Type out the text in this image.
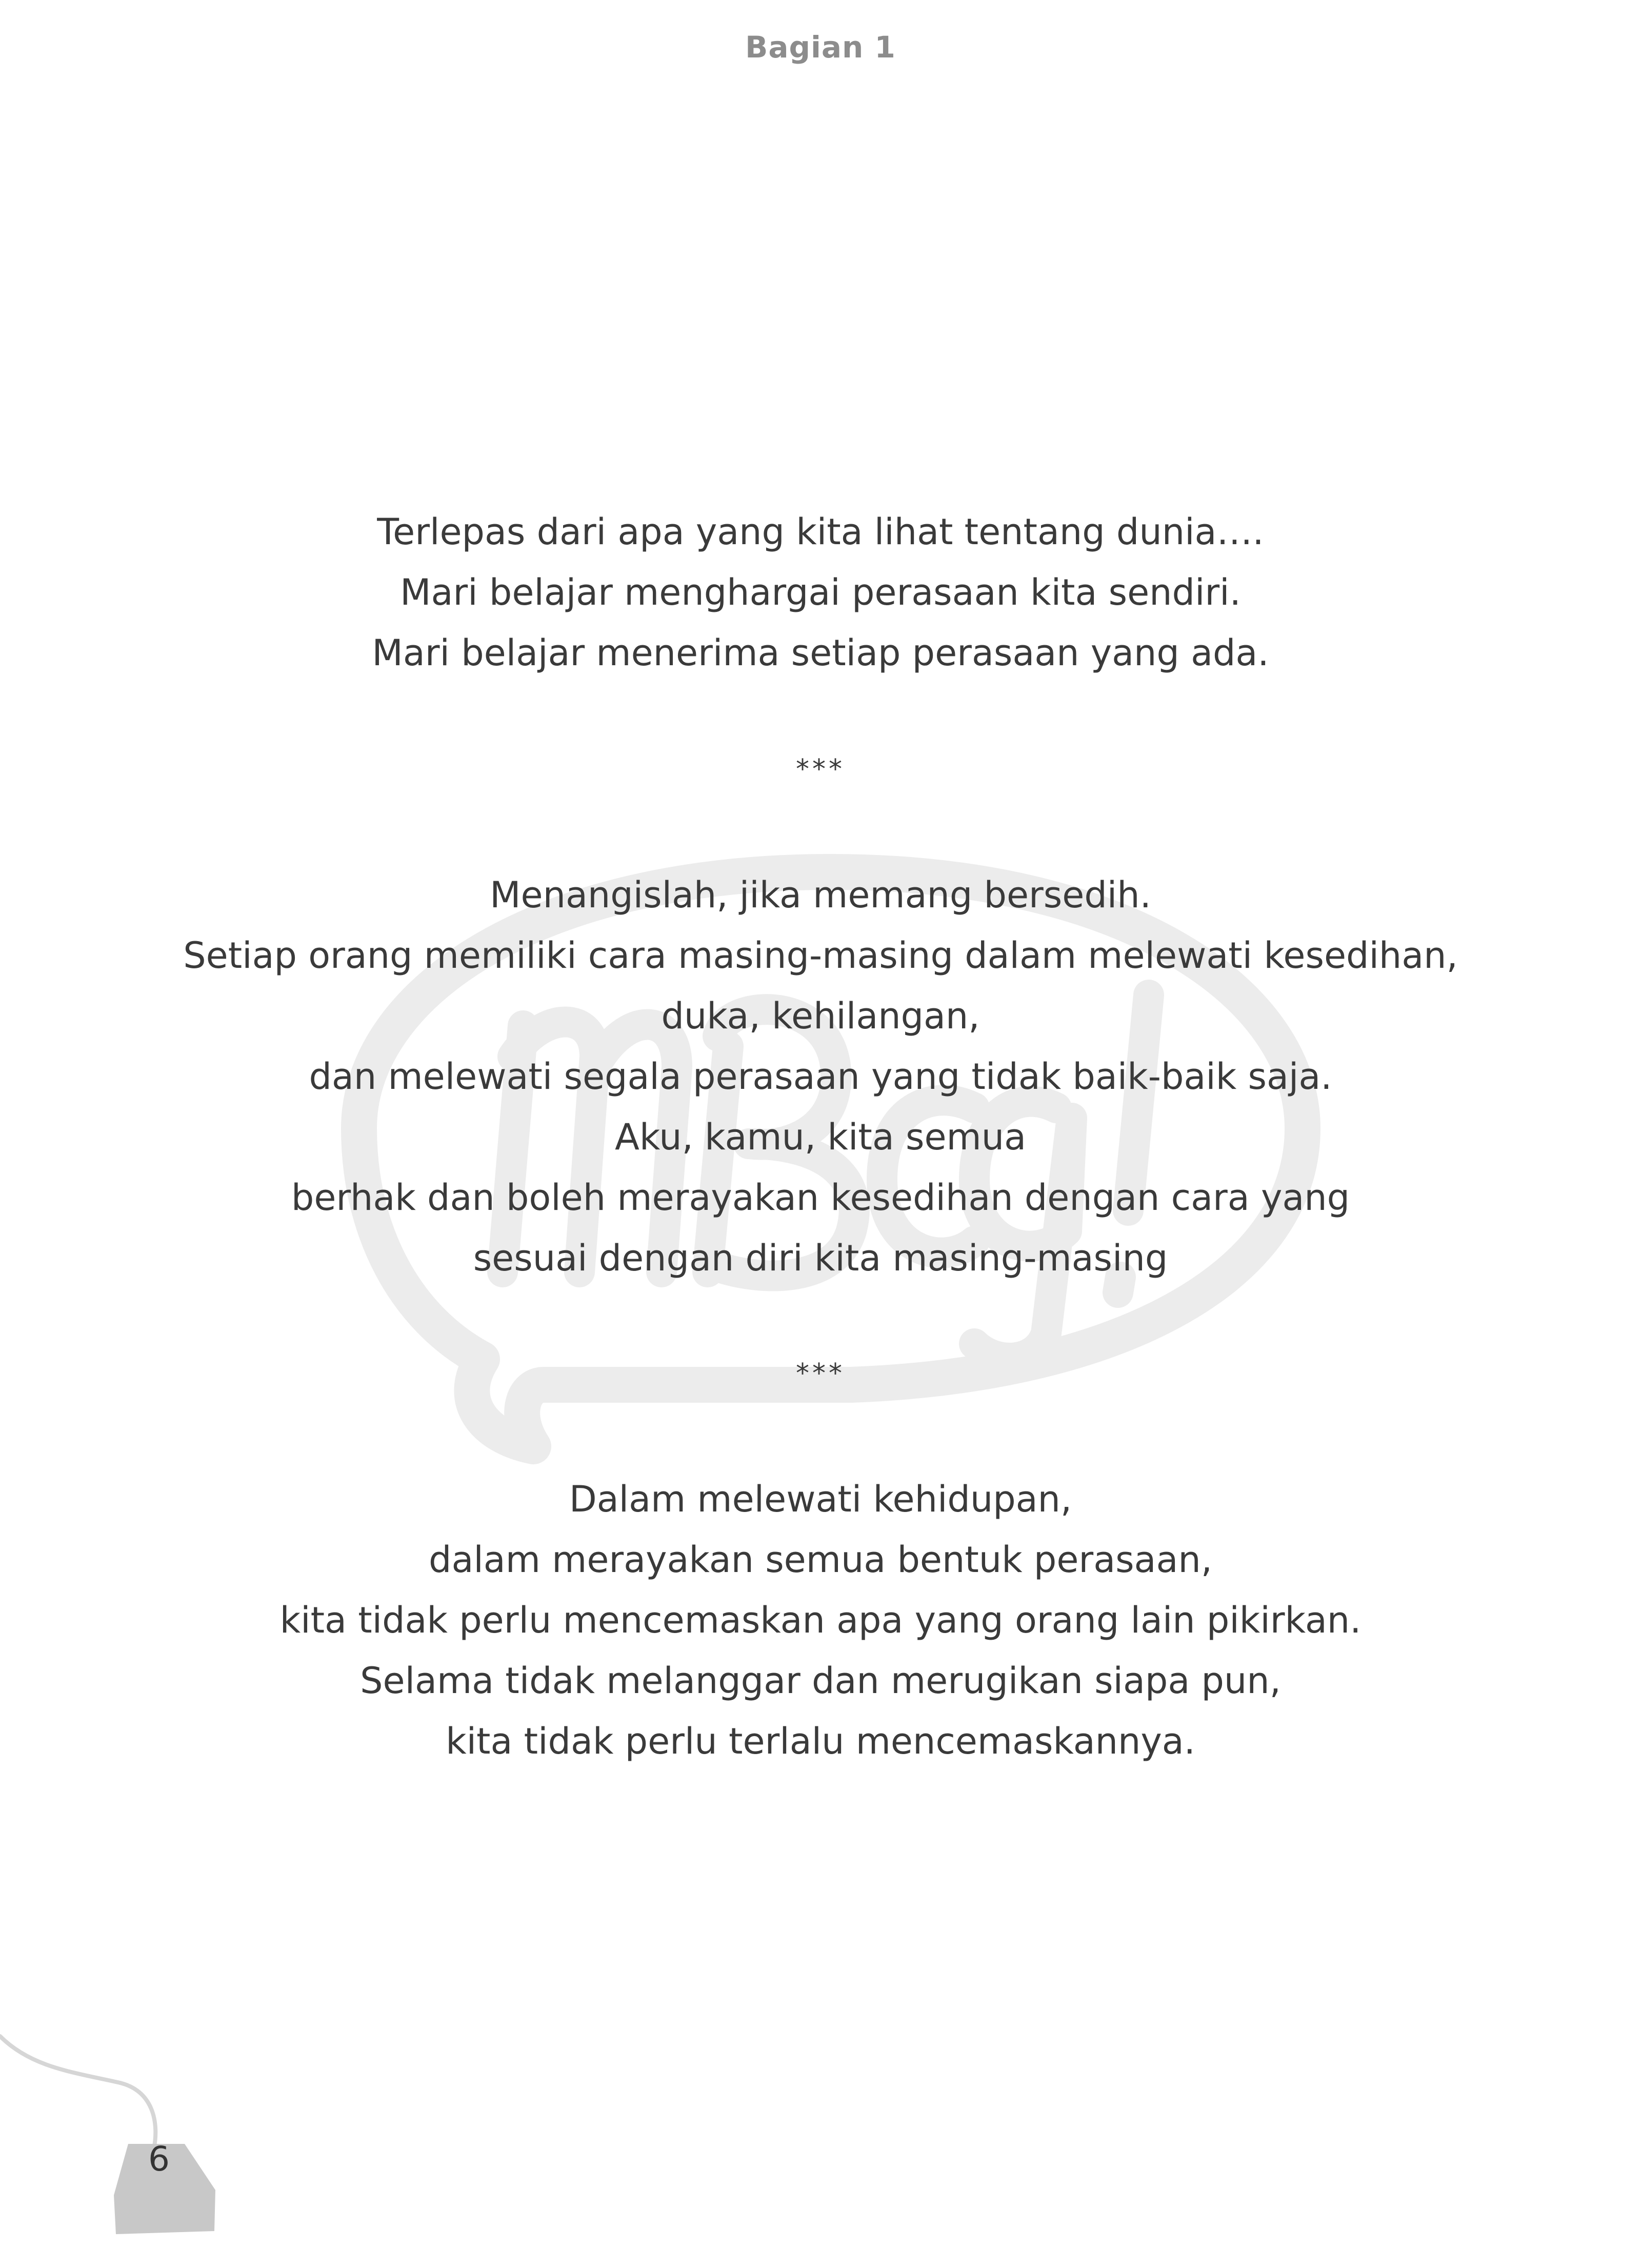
Bagian 1
Terlepas dari apa yang kita lihat tentang dunia….
Mari belajar menghargai perasaan kita sendiri.
Mari belajar menerima setiap perasaan yang ada.
***
Menangislah, jika memang bersedih.
Setiap orang memiliki cara masing-masing dalam melewati kesedihan,
duka, kehilangan,
dan melewati segala perasaan yang tidak baik-baik saja.
Aku, kamu, kita semua
berhak dan boleh merayakan kesedihan dengan cara yang
sesuai dengan diri kita masing-masing
***
Dalam melewati kehidupan,
dalam merayakan semua bentuk perasaan,
kita tidak perlu mencemaskan apa yang orang lain pikirkan.
Selama tidak melanggar dan merugikan siapa pun,
kita tidak perlu terlalu mencemaskannya.
6
